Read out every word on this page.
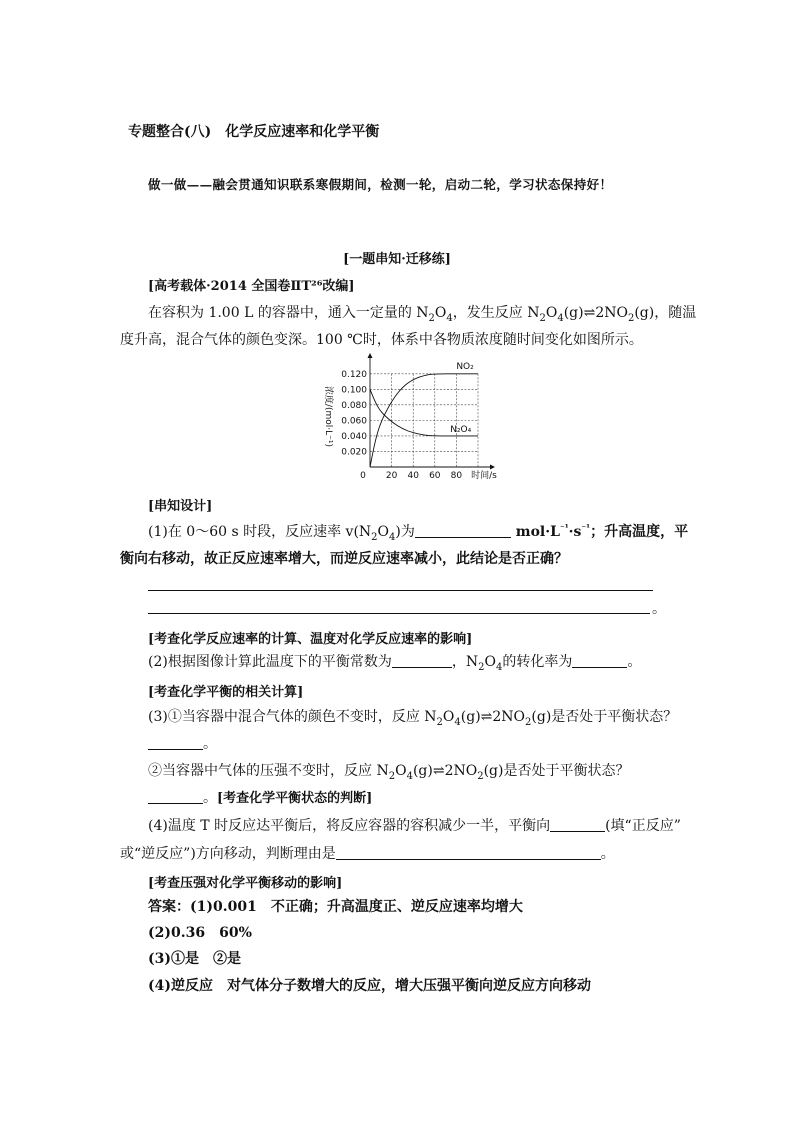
专题整合(八)　化学反应速率和化学平衡
做一做——融会贯通知识联系寒假期间，检测一轮，启动二轮，学习状态保持好！
[一题串知·迁移练]
[高考载体·2014 全国卷ⅡT²⁶改编]
在容积为 1.00 L 的容器中，通入一定量的 $N_2O_4$，发生反应 $N_2O_4(g)\rightleftharpoons 2NO_2(g)$，随温
度升高，混合气体的颜色变深。100 ℃时，体系中各物质浓度随时间变化如图所示。
0 20 40 60 80
0.020
0.040
0.060
0.080
0.100
0.120
时间/s
浓度/(mol·L⁻¹)
NO₂
N₂O₄
[串知设计]
(1)在 0～60 s 时段，反应速率 $v(N_2O_4)$为	$mol\cdot L^{^{-1}}\cdot s^{^{-1}}$；升高温度，平
衡向右移动，故正反应速率增大，而逆反应速率减小，此结论是否正确？
。
[考查化学反应速率的计算、温度对化学反应速率的影响]
(2)根据图像计算此温度下的平衡常数为	，$N_2O_4$的转化率为	。
[考查化学平衡的相关计算]
(3)①当容器中混合气体的颜色不变时，反应 $N_2O_4(g)\rightleftharpoons 2NO_2(g)$是否处于平衡状态？
。
②当容器中气体的压强不变时，反应 $N_2O_4(g)\rightleftharpoons 2NO_2(g)$是否处于平衡状态？
。[考查化学平衡状态的判断]
(4)温度 T 时反应达平衡后，将反应容器的容积减少一半，平衡向	(填“正反应”
或“逆反应”)方向移动，判断理由是	。
[考查压强对化学平衡移动的影响]
答案：(1)0.001　不正确；升高温度正、逆反应速率均增大
(2)0.36　60%
(3)①是　②是
(4)逆反应　对气体分子数增大的反应，增大压强平衡向逆反应方向移动
